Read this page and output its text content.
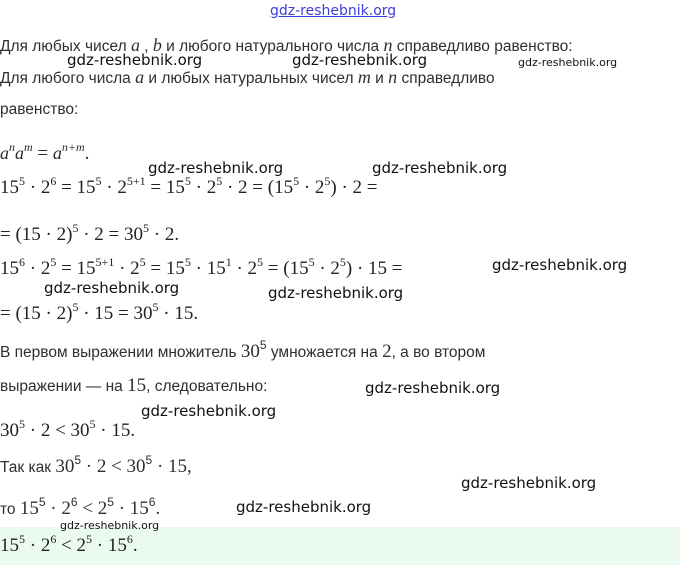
gdz-reshebnik.org
Для любых чисел a , b и любого натурального числа n справедливо равенство:
gdz-reshebnik.org	gdz-reshebnik.org	gdz-reshebnik.org
Для любого числа a и любых натуральных чисел m и n справедливо
равенство:
$a^na^m = a^{n+m}$.
gdz-reshebnik.org	gdz-reshebnik.org
$15^5 \cdot 2^6 = 15^5 \cdot 2^{5+1} = 15^5 \cdot 2^5 \cdot 2 = (15^5 \cdot 2^5) \cdot 2$ =
= $(15 \cdot 2)^5 \cdot 2 = 30^5 \cdot 2$.
$15^6 \cdot 2^5 = 15^{5+1} \cdot 2^5 = 15^5 \cdot 15^1 \cdot 2^5 = (15^5 \cdot 2^5) \cdot 15$ =	gdz-reshebnik.org
gdz-reshebnik.org	gdz-reshebnik.org
= $(15 \cdot 2)^5 \cdot 15 = 30^5 \cdot 15$.
В первом выражении множитель $30^5$ умножается на 2, а во втором
выражении — на 15, следовательно:	gdz-reshebnik.org
gdz-reshebnik.org
$30^5 \cdot 2 < 30^5 \cdot 15$.
Так как $30^5 \cdot 2 < 30^5 \cdot 15$,
gdz-reshebnik.org
то $15^5 \cdot 2^6 < 2^5 \cdot 15^6$.	gdz-reshebnik.org
gdz-reshebnik.org
$15^5 \cdot 2^6 < 2^5 \cdot 15^6$.
